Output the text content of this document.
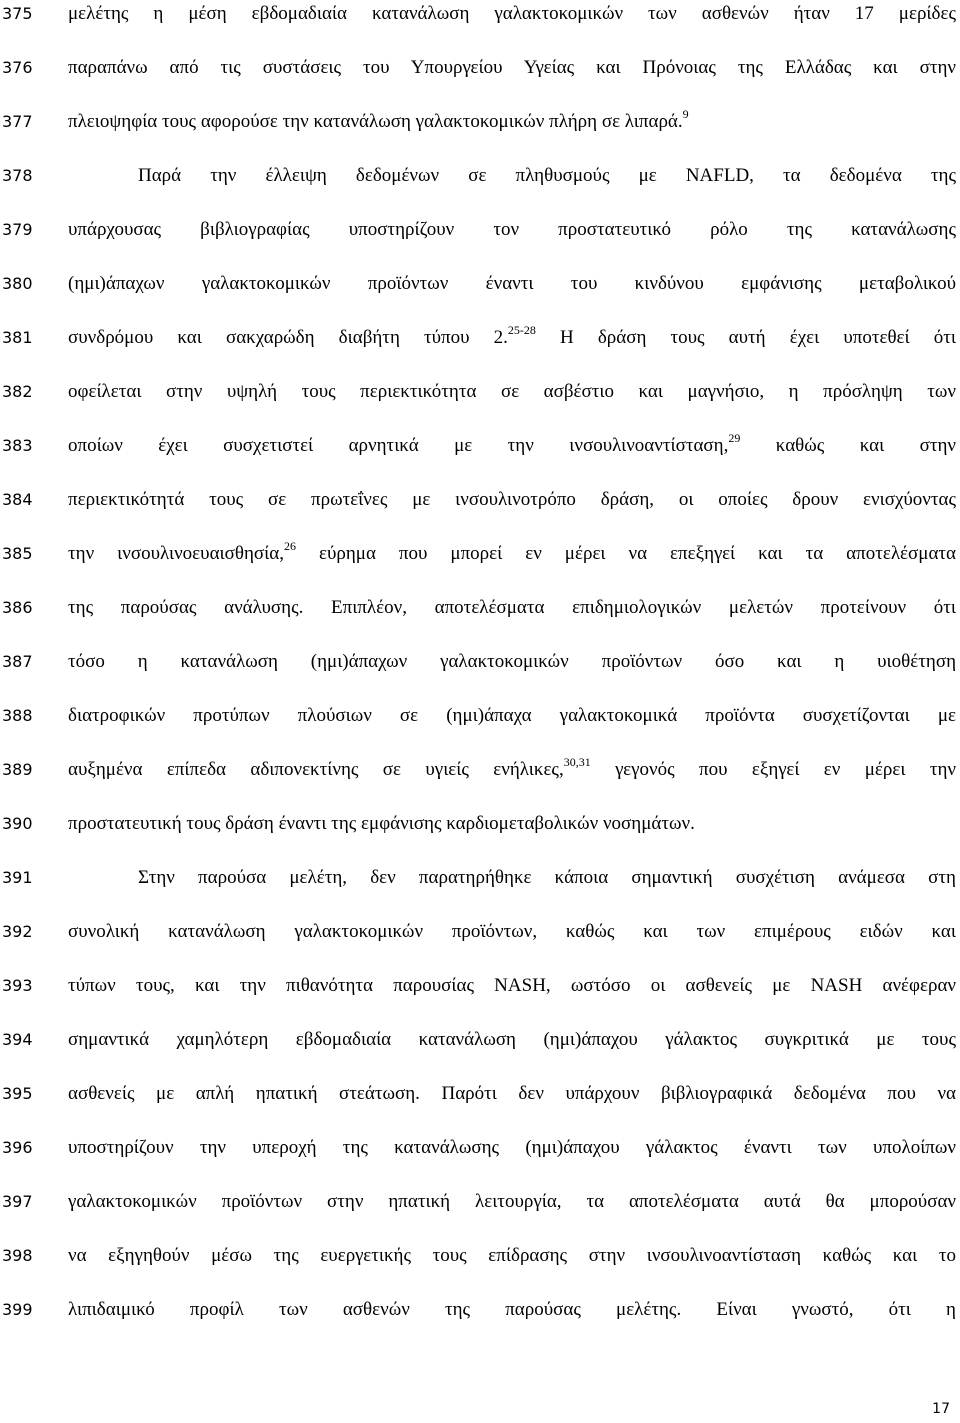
375	μελέτης η μέση εβδομαδιαία κατανάλωση γαλακτοκομικών των ασθενών ήταν 17 μερίδες
376	παραπάνω από τις συστάσεις του Υπουργείου Υγείας και Πρόνοιας της Ελλάδας και στην
377	πλειοψηφία τους αφορούσε την κατανάλωση γαλακτοκομικών πλήρη σε λιπαρά.$^9$
378	Παρά την έλλειψη δεδομένων σε πληθυσμούς με NAFLD, τα δεδομένα της
379	υπάρχουσας βιβλιογραφίας υποστηρίζουν τον προστατευτικό ρόλο της κατανάλωσης
380	(ημι)άπαχων γαλακτοκομικών προϊόντων έναντι του κινδύνου εμφάνισης μεταβολικού
381	συνδρόμου και σακχαρώδη διαβήτη τύπου 2.$^{25-28}$ Η δράση τους αυτή έχει υποτεθεί ότι
382	οφείλεται στην υψηλή τους περιεκτικότητα σε ασβέστιο και μαγνήσιο, η πρόσληψη των
383	οποίων έχει συσχετιστεί αρνητικά με την ινσουλινοαντίσταση,$^{29}$ καθώς και στην
384	περιεκτικότητά τους σε πρωτεΐνες με ινσουλινοτρόπο δράση, οι οποίες δρουν ενισχύοντας
385	την ινσουλινοευαισθησία,$^{26}$ εύρημα που μπορεί εν μέρει να επεξηγεί και τα αποτελέσματα
386	της παρούσας ανάλυσης. Επιπλέον, αποτελέσματα επιδημιολογικών μελετών προτείνουν ότι
387	τόσο η κατανάλωση (ημι)άπαχων γαλακτοκομικών προϊόντων όσο και η υιοθέτηση
388	διατροφικών προτύπων πλούσιων σε (ημι)άπαχα γαλακτοκομικά προϊόντα συσχετίζονται με
389	αυξημένα επίπεδα αδιπονεκτίνης σε υγιείς ενήλικες,$^{30,31}$ γεγονός που εξηγεί εν μέρει την
390	προστατευτική τους δράση έναντι της εμφάνισης καρδιομεταβολικών νοσημάτων.
391	Στην παρούσα μελέτη, δεν παρατηρήθηκε κάποια σημαντική συσχέτιση ανάμεσα στη
392	συνολική κατανάλωση γαλακτοκομικών προϊόντων, καθώς και των επιμέρους ειδών και
393	τύπων τους, και την πιθανότητα παρουσίας NASH, ωστόσο οι ασθενείς με NASH ανέφεραν
394	σημαντικά χαμηλότερη εβδομαδιαία κατανάλωση (ημι)άπαχου γάλακτος συγκριτικά με τους
395	ασθενείς με απλή ηπατική στεάτωση. Παρότι δεν υπάρχουν βιβλιογραφικά δεδομένα που να
396	υποστηρίζουν την υπεροχή της κατανάλωσης (ημι)άπαχου γάλακτος έναντι των υπολοίπων
397	γαλακτοκομικών προϊόντων στην ηπατική λειτουργία, τα αποτελέσματα αυτά θα μπορούσαν
398	να εξηγηθούν μέσω της ευεργετικής τους επίδρασης στην ινσουλινοαντίσταση καθώς και το
399	λιπιδαιμικό προφίλ των ασθενών της παρούσας μελέτης. Είναι γνωστό, ότι η
17
